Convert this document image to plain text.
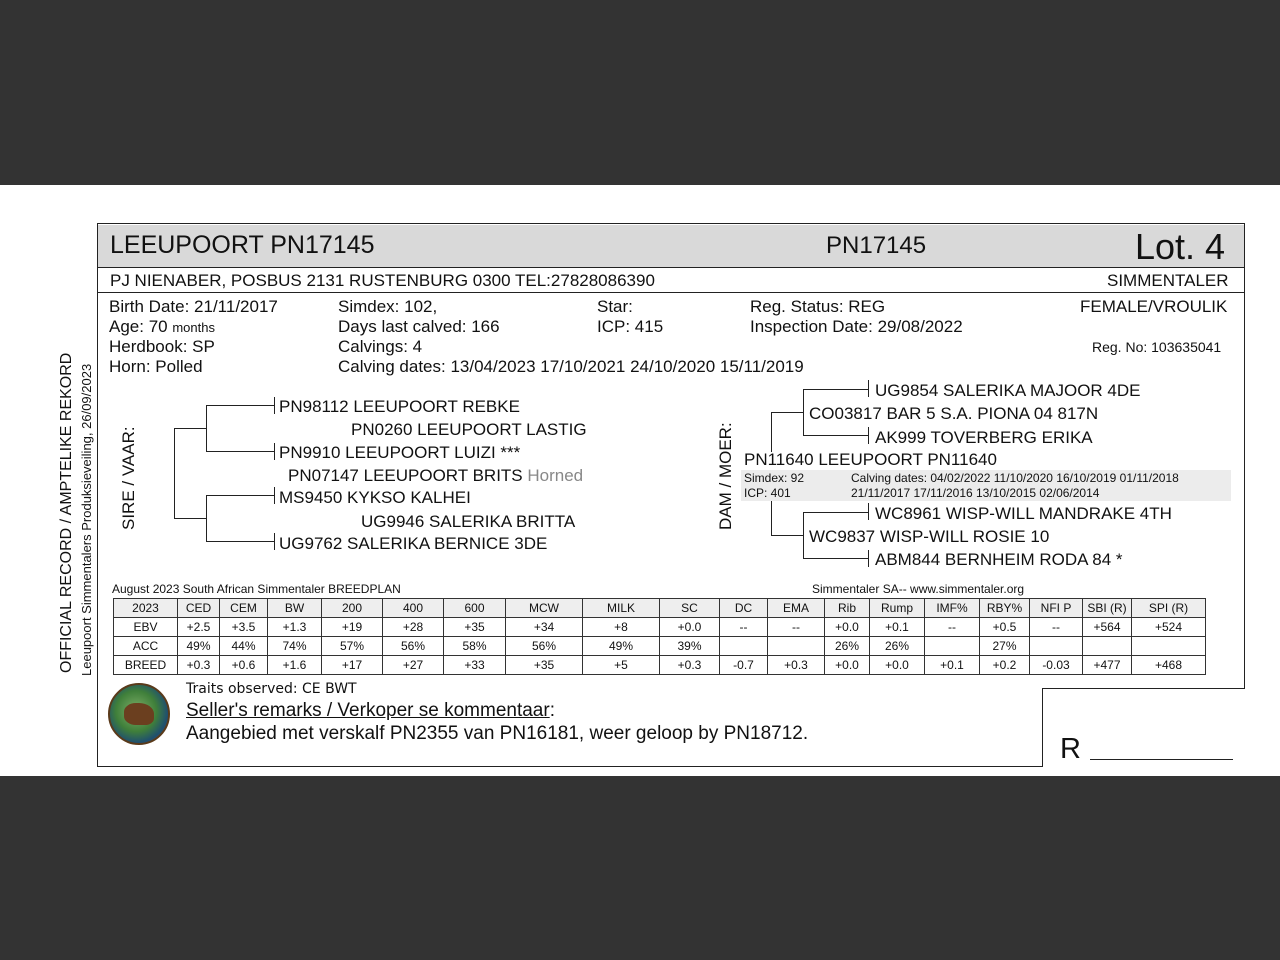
OFFICIAL RECORD / AMPTELIKE REKORD Leeupoort Simmentalers Produksieveiling, 26/09/2023
LEEUPOORT PN17145	PN17145	Lot. 4
PJ NIENABER, POSBUS 2131 RUSTENBURG 0300 TEL:27828086390	SIMMENTALER
Birth Date: 21/11/2017
Age: 70 months
Herdbook: SP
Horn: Polled
Simdex: 102,
Days last calved: 166
Calvings: 4
Calving dates: 13/04/2023 17/10/2021 24/10/2020 15/11/2019
Star:
ICP: 415
Reg. Status: REG
Inspection Date: 29/08/2022
FEMALE/VROULIK
Reg. No: 103635041
SIRE / VAAR:
PN98112 LEEUPOORT REBKE
PN0260 LEEUPOORT LASTIG
PN9910 LEEUPOORT LUIZI ***
PN07147 LEEUPOORT BRITS Horned
MS9450 KYKSO KALHEI
UG9946 SALERIKA BRITTA
UG9762 SALERIKA BERNICE 3DE
DAM / MOER:
UG9854 SALERIKA MAJOOR 4DE
CO03817 BAR 5 S.A. PIONA 04 817N
AK999 TOVERBERG ERIKA
PN11640 LEEUPOORT PN11640
Simdex: 92
ICP: 401
Calving dates: 04/02/2022 11/10/2020 16/10/2019 01/11/2018
21/11/2017 17/11/2016 13/10/2015 02/06/2014
WC8961 WISP-WILL MANDRAKE 4TH
WC9837 WISP-WILL ROSIE 10
ABM844 BERNHEIM RODA 84 *
August 2023 South African Simmentaler BREEDPLAN	Simmentaler SA-- www.simmentaler.org
2023	CED	CEM	BW	200	400	600	MCW	MILK	SC	DC	EMA	Rib	Rump	IMF%	RBY%	NFI P	SBI (R)	SPI (R)
EBV	+2.5	+3.5	+1.3	+19	+28	+35	+34	+8	+0.0	--	--	+0.0	+0.1	--	+0.5	--	+564	+524
ACC	49%	44%	74%	57%	56%	58%	56%	49%	39%			26%	26%		27%			
BREED	+0.3	+0.6	+1.6	+17	+27	+33	+35	+5	+0.3	-0.7	+0.3	+0.0	+0.0	+0.1	+0.2	-0.03	+477	+468
Traits observed: CE BWT
Seller's remarks / Verkoper se kommentaar:
Aangebied met verskalf PN2355 van PN16181, weer geloop by PN18712.	R
